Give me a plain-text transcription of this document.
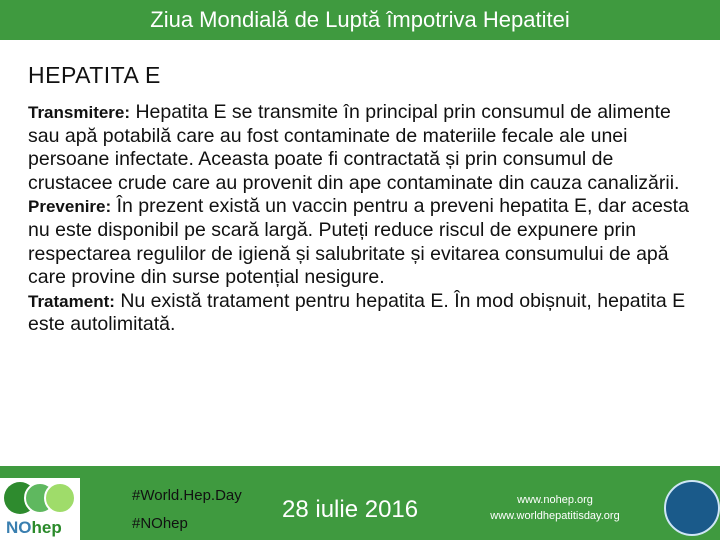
Ziua Mondială de Luptă împotriva Hepatitei
HEPATITA E

Transmitere: Hepatita E se transmite în principal prin consumul de alimente sau apă potabilă care au fost contaminate de materiile fecale ale unei persoane infectate. Aceasta poate fi contractată și prin consumul de crustacee crude care au provenit din ape contaminate din cauza canalizării.

Prevenire: În prezent există un vaccin pentru a preveni hepatita E, dar acesta nu este disponibil pe scară largă. Puteți reduce riscul de expunere prin respectarea regulilor de igienă și salubritate și evitarea consumului de apă care provine din surse potențial nesigure.

Tratament: Nu există tratament pentru hepatita E. În mod obișnuit, hepatita E este autolimitată.

NOhep
#World.Hep.Day
#NOhep
28 iulie 2016	www.nohep.org
www.worldhepatitisday.org
